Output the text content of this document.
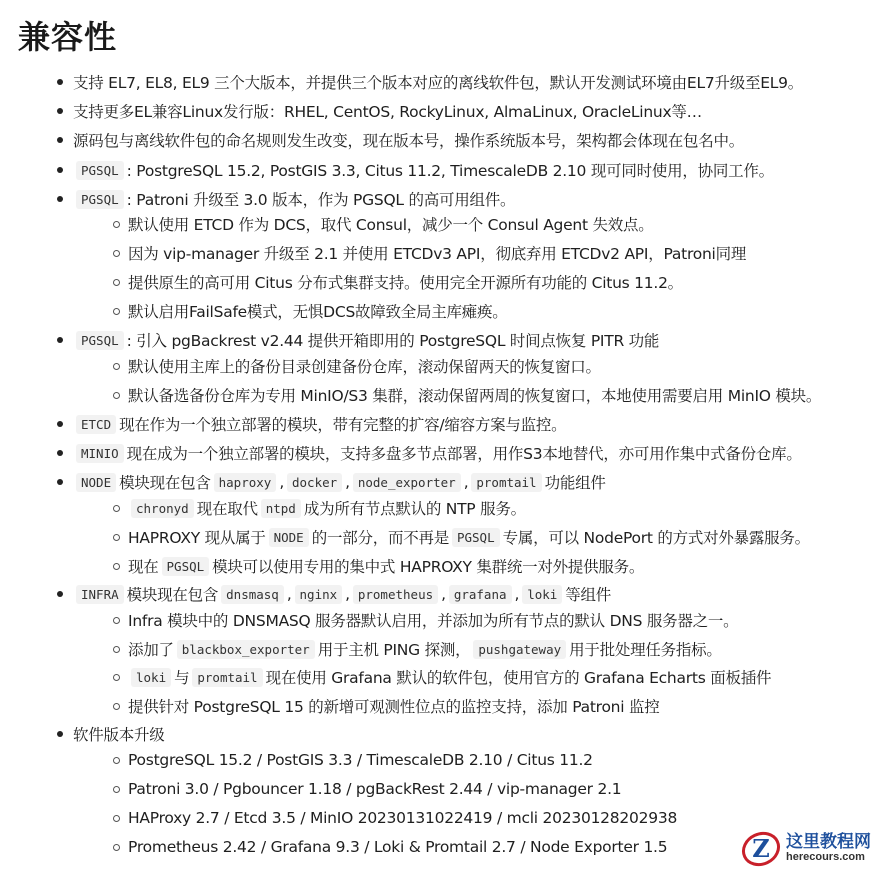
兼容性
支持 EL7, EL8, EL9 三个大版本，并提供三个版本对应的离线软件包，默认开发测试环境由EL7升级至EL9。
支持更多EL兼容Linux发行版：RHEL, CentOS, RockyLinux, AlmaLinux, OracleLinux等…
源码包与离线软件包的命名规则发生改变，现在版本号，操作系统版本号，架构都会体现在包名中。
PGSQL : PostgreSQL 15.2, PostGIS 3.3, Citus 11.2, TimescaleDB 2.10 现可同时使用，协同工作。
PGSQL : Patroni 升级至 3.0 版本，作为 PGSQL 的高可用组件。
默认使用 ETCD 作为 DCS，取代 Consul，减少一个 Consul Agent 失效点。
因为 vip-manager 升级至 2.1 并使用 ETCDv3 API，彻底弃用 ETCDv2 API，Patroni同理
提供原生的高可用 Citus 分布式集群支持。使用完全开源所有功能的 Citus 11.2。
默认启用FailSafe模式，无惧DCS故障致全局主库瘫痪。
PGSQL : 引入 pgBackrest v2.44 提供开箱即用的 PostgreSQL 时间点恢复 PITR 功能
默认使用主库上的备份目录创建备份仓库，滚动保留两天的恢复窗口。
默认备选备份仓库为专用 MinIO/S3 集群，滚动保留两周的恢复窗口，本地使用需要启用 MinIO 模块。
ETCD 现在作为一个独立部署的模块，带有完整的扩容/缩容方案与监控。
MINIO 现在成为一个独立部署的模块，支持多盘多节点部署，用作S3本地替代，亦可用作集中式备份仓库。
NODE 模块现在包含 haproxy , docker , node_exporter , promtail 功能组件
chronyd 现在取代 ntpd 成为所有节点默认的 NTP 服务。
HAPROXY 现从属于 NODE 的一部分，而不再是 PGSQL 专属，可以 NodePort 的方式对外暴露服务。
现在 PGSQL 模块可以使用专用的集中式 HAPROXY 集群统一对外提供服务。
INFRA 模块现在包含 dnsmasq , nginx , prometheus , grafana , loki 等组件
Infra 模块中的 DNSMASQ 服务器默认启用，并添加为所有节点的默认 DNS 服务器之一。
添加了 blackbox_exporter 用于主机 PING 探测， pushgateway 用于批处理任务指标。
loki 与 promtail 现在使用 Grafana 默认的软件包，使用官方的 Grafana Echarts 面板插件
提供针对 PostgreSQL 15 的新增可观测性位点的监控支持，添加 Patroni 监控
软件版本升级
PostgreSQL 15.2 / PostGIS 3.3 / TimescaleDB 2.10 / Citus 11.2
Patroni 3.0 / Pgbouncer 1.18 / pgBackRest 2.44 / vip-manager 2.1
HAProxy 2.7 / Etcd 3.5 / MinIO 20230131022419 / mcli 20230128202938
Prometheus 2.42 / Grafana 9.3 / Loki & Promtail 2.7 / Node Exporter 1.5	Z 这里教程网
herecours.com
